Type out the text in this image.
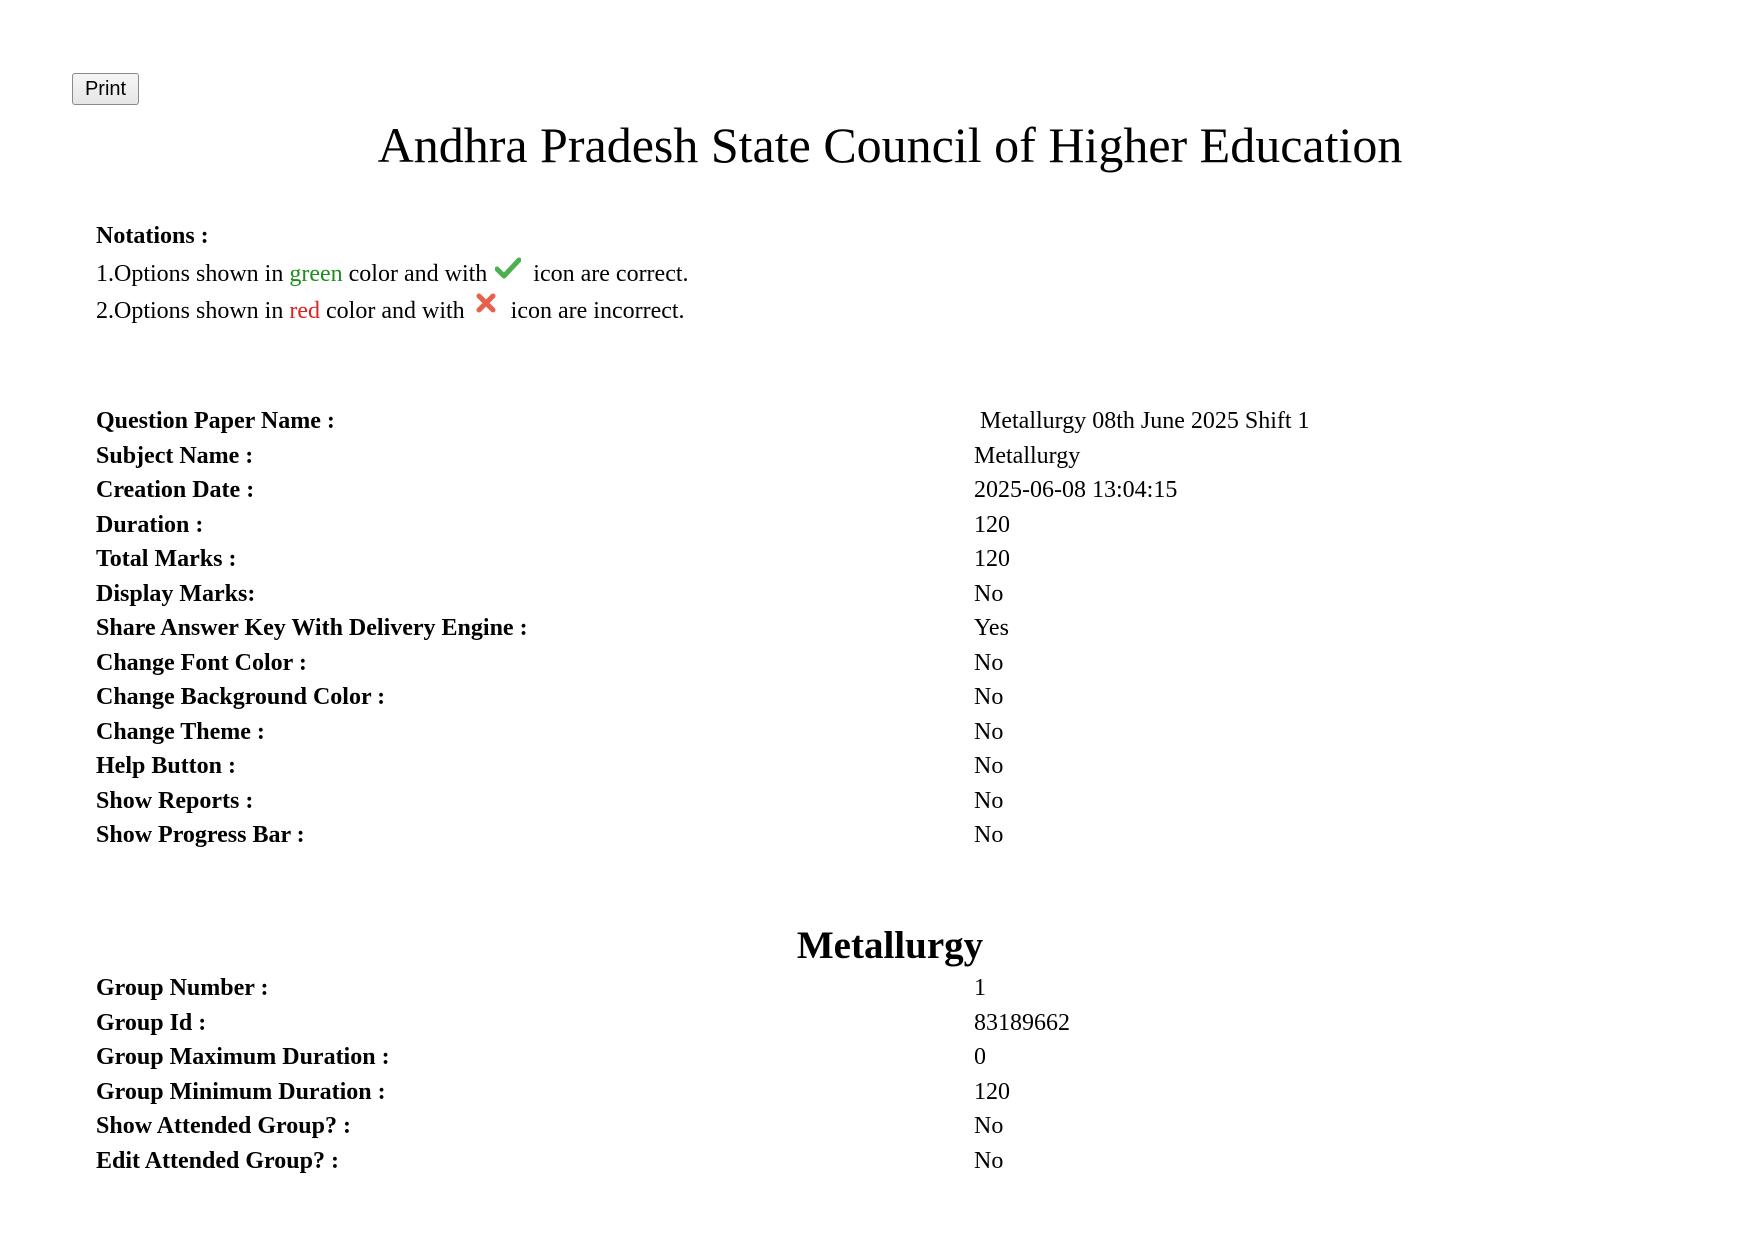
Print
Andhra Pradesh State Council of Higher Education
Notations :
1.Options shown in green color and with
icon are correct.
2.Options shown in red color and with
icon are incorrect.
Question Paper Name :	Metallurgy 08th June 2025 Shift 1
Subject Name :	Metallurgy
Creation Date :	2025-06-08 13:04:15
Duration :	120
Total Marks :	120
Display Marks:	No
Share Answer Key With Delivery Engine :	Yes
Change Font Color :	No
Change Background Color :	No
Change Theme :	No
Help Button :	No
Show Reports :	No
Show Progress Bar :	No
Metallurgy
Group Number :	1
Group Id :	83189662
Group Maximum Duration :	0
Group Minimum Duration :	120
Show Attended Group? :	No
Edit Attended Group? :	No
